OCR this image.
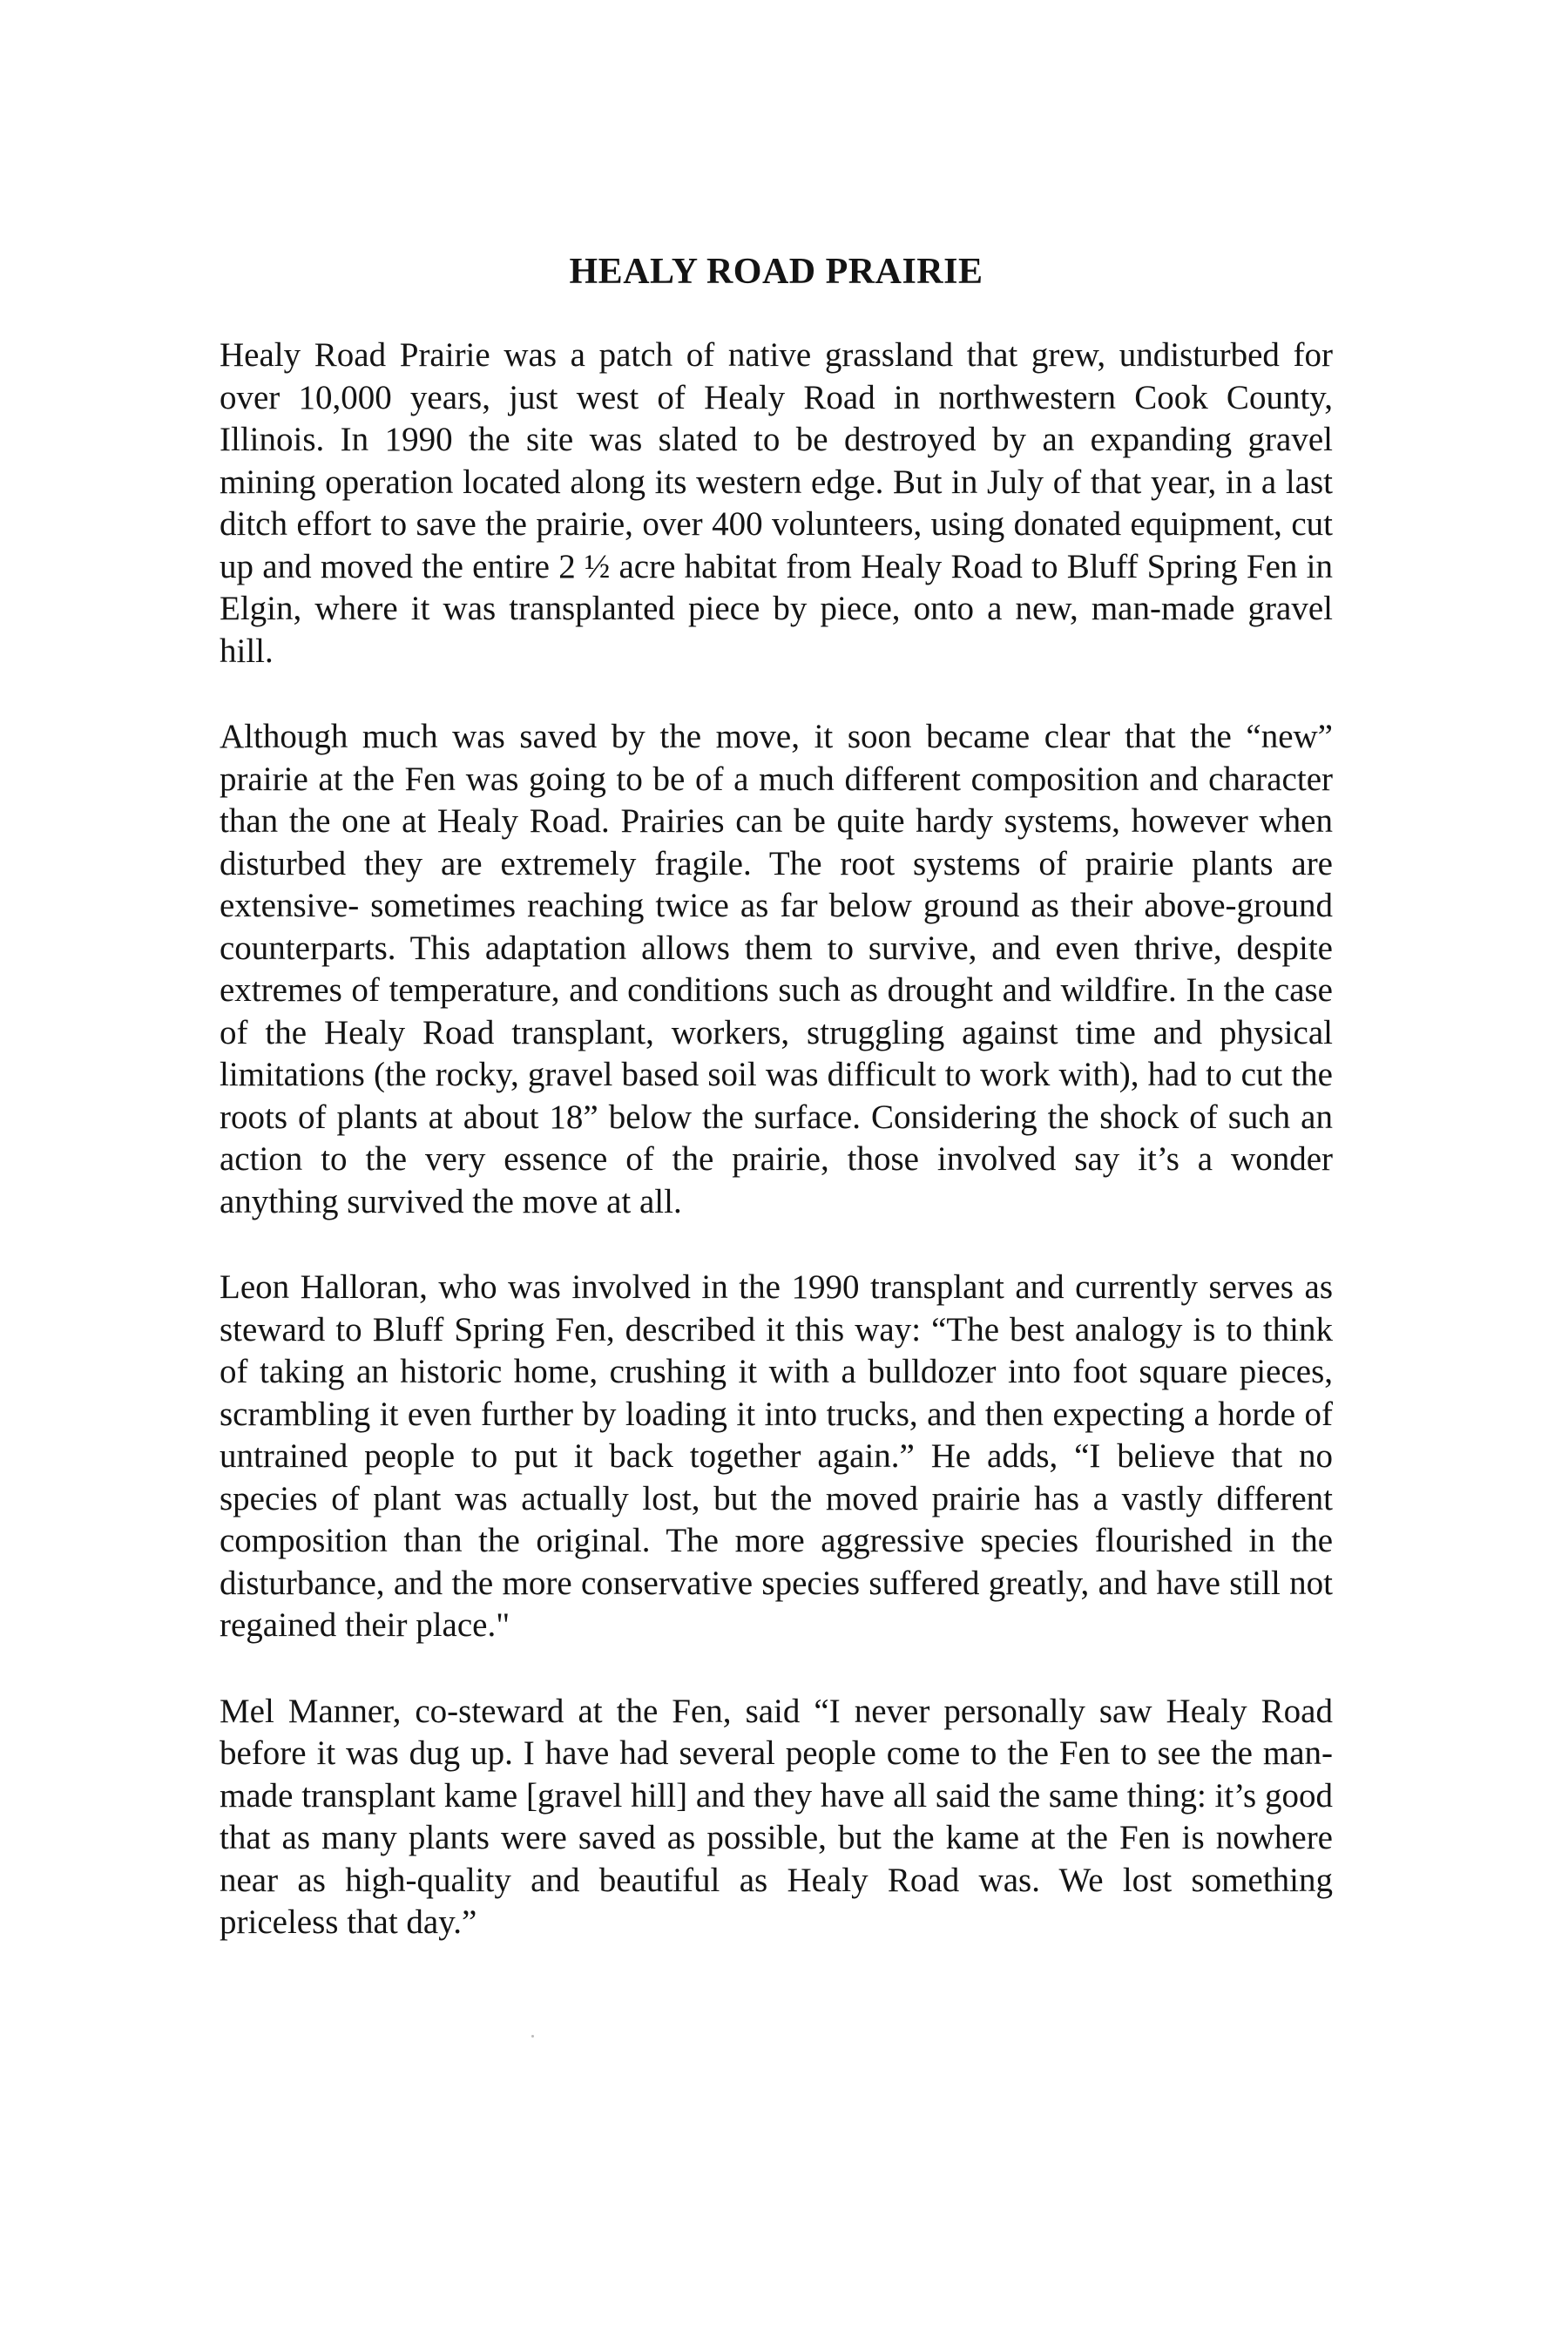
HEALY ROAD PRAIRIE

Healy Road Prairie was a patch of native grassland that grew, undisturbed for over 10,000 years, just west of Healy Road in northwestern Cook County, Illinois. In 1990 the site was slated to be destroyed by an expanding gravel mining operation located along its western edge. But in July of that year, in a last ditch effort to save the prairie, over 400 volunteers, using donated equipment, cut up and moved the entire 2 ½ acre habitat from Healy Road to Bluff Spring Fen in Elgin, where it was transplanted piece by piece, onto a new, man-made gravel hill.

Although much was saved by the move, it soon became clear that the “new” prairie at the Fen was going to be of a much different composition and character than the one at Healy Road. Prairies can be quite hardy systems, however when disturbed they are extremely fragile. The root systems of prairie plants are extensive- sometimes reaching twice as far below ground as their above-ground counterparts. This adaptation allows them to survive, and even thrive, despite extremes of temperature, and conditions such as drought and wildfire. In the case of the Healy Road transplant, workers, struggling against time and physical limitations (the rocky, gravel based soil was difficult to work with), had to cut the roots of plants at about 18” below the surface. Considering the shock of such an action to the very essence of the prairie, those involved say it’s a wonder anything survived the move at all.

Leon Halloran, who was involved in the 1990 transplant and currently serves as steward to Bluff Spring Fen, described it this way: “The best analogy is to think of taking an historic home, crushing it with a bulldozer into foot square pieces, scrambling it even further by loading it into trucks, and then expecting a horde of untrained people to put it back together again.” He adds, “I believe that no species of plant was actually lost, but the moved prairie has a vastly different composition than the original. The more aggressive species flourished in the disturbance, and the more conservative species suffered greatly, and have still not regained their place."

Mel Manner, co-steward at the Fen, said “I never personally saw Healy Road before it was dug up. I have had several people come to the Fen to see the man-made transplant kame [gravel hill] and they have all said the same thing: it’s good that as many plants were saved as possible, but the kame at the Fen is nowhere near as high-quality and beautiful as Healy Road was. We lost something priceless that day.”
